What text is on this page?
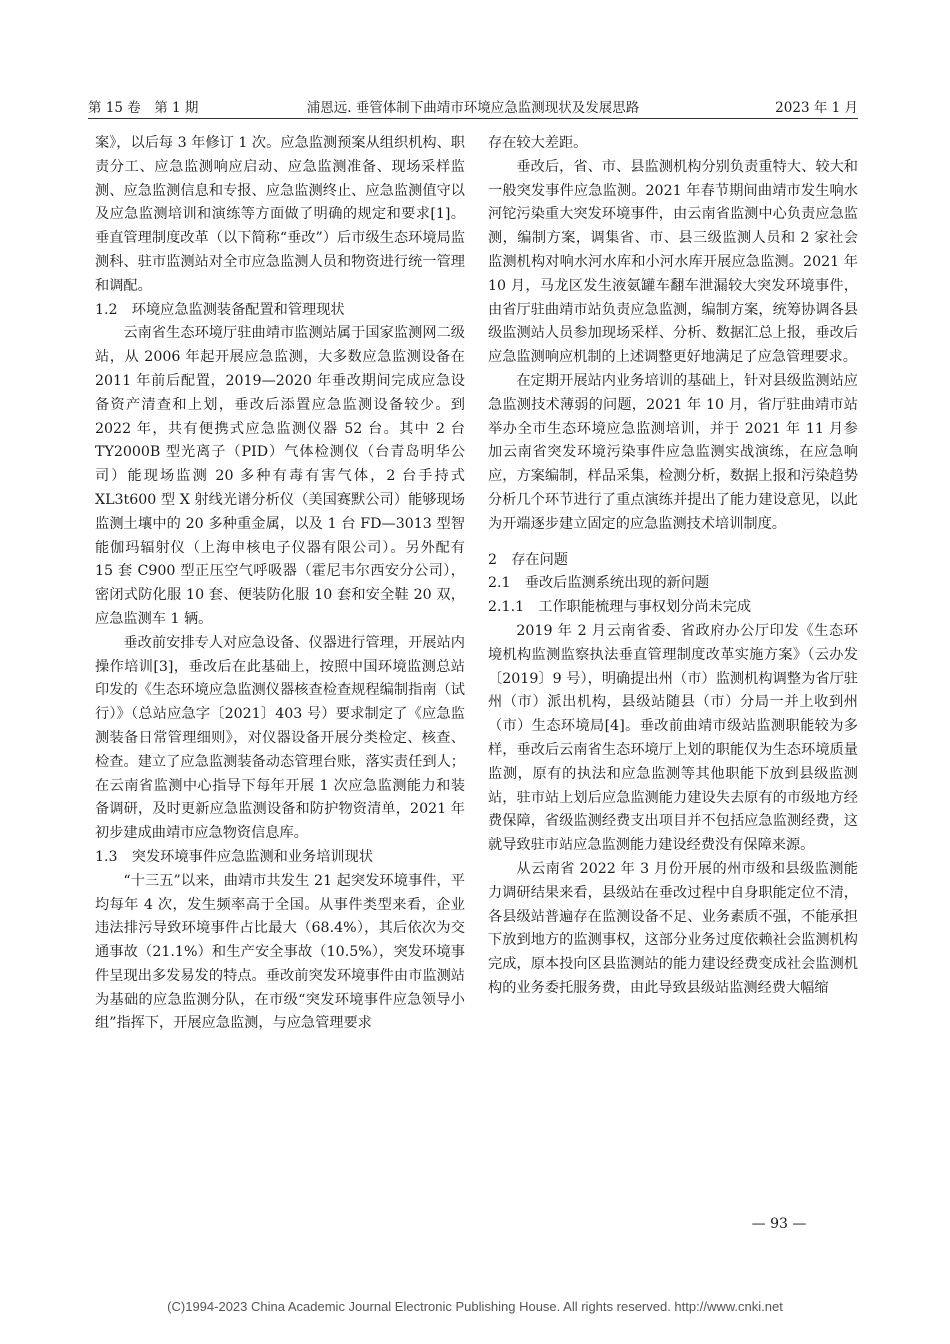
第 15 卷　第 1 期	浦恩远. 垂管体制下曲靖市环境应急监测现状及发展思路	2023 年 1 月

案》，以后每 3 年修订 1 次。应急监测预案从组织机构、职责分工、应急监测响应启动、应急监测准备、现场采样监测、应急监测信息和专报、应急监测终止、应急监测值守以及应急监测培训和演练等方面做了明确的规定和要求[1]。垂直管理制度改革（以下简称“垂改”）后市级生态环境局监测科、驻市监测站对全市应急监测人员和物资进行统一管理和调配。

1.2　环境应急监测装备配置和管理现状

云南省生态环境厅驻曲靖市监测站属于国家监测网二级站，从 2006 年起开展应急监测，大多数应急监测设备在 2011 年前后配置，2019—2020 年垂改期间完成应急设备资产清查和上划，垂改后添置应急监测设备较少。到 2022 年，共有便携式应急监测仪器 52 台。其中 2 台 TY2000B 型光离子（PID）气体检测仪（台青岛明华公司）能现场监测 20 多种有毒有害气体，2 台手持式 XL3t600 型 X 射线光谱分析仪（美国赛默公司）能够现场监测土壤中的 20 多种重金属，以及 1 台 FD—3013 型智能伽玛辐射仪（上海申核电子仪器有限公司）。另外配有 15 套 C900 型正压空气呼吸器（霍尼韦尔西安分公司），密闭式防化服 10 套、便装防化服 10 套和安全鞋 20 双，应急监测车 1 辆。

垂改前安排专人对应急设备、仪器进行管理，开展站内操作培训[3]，垂改后在此基础上，按照中国环境监测总站印发的《生态环境应急监测仪器核查检查规程编制指南（试行）》（总站应急字〔2021〕403 号）要求制定了《应急监测装备日常管理细则》，对仪器设备开展分类检定、核查、检查。建立了应急监测装备动态管理台账，落实责任到人；在云南省监测中心指导下每年开展 1 次应急监测能力和装备调研，及时更新应急监测设备和防护物资清单，2021 年初步建成曲靖市应急物资信息库。

1.3　突发环境事件应急监测和业务培训现状

“十三五”以来，曲靖市共发生 21 起突发环境事件，平均每年 4 次，发生频率高于全国。从事件类型来看，企业违法排污导致环境事件占比最大（68.4%），其后依次为交通事故（21.1%）和生产安全事故（10.5%），突发环境事件呈现出多发易发的特点。垂改前突发环境事件由市监测站为基础的应急监测分队，在市级“突发环境事件应急领导小组”指挥下，开展应急监测，与应急管理要求

存在较大差距。

垂改后，省、市、县监测机构分别负责重特大、较大和一般突发事件应急监测。2021 年春节期间曲靖市发生响水河铊污染重大突发环境事件，由云南省监测中心负责应急监测，编制方案，调集省、市、县三级监测人员和 2 家社会监测机构对响水河水库和小河水库开展应急监测。2021 年 10 月，马龙区发生液氨罐车翻车泄漏较大突发环境事件，由省厅驻曲靖市站负责应急监测，编制方案，统筹协调各县级监测站人员参加现场采样、分析、数据汇总上报，垂改后应急监测响应机制的上述调整更好地满足了应急管理要求。

在定期开展站内业务培训的基础上，针对县级监测站应急监测技术薄弱的问题，2021 年 10 月，省厅驻曲靖市站举办全市生态环境应急监测培训，并于 2021 年 11 月参加云南省突发环境污染事件应急监测实战演练，在应急响应，方案编制，样品采集，检测分析，数据上报和污染趋势分析几个环节进行了重点演练并提出了能力建设意见，以此为开端逐步建立固定的应急监测技术培训制度。

2　存在问题
2.1　垂改后监测系统出现的新问题
2.1.1　工作职能梳理与事权划分尚未完成

2019 年 2 月云南省委、省政府办公厅印发《生态环境机构监测监察执法垂直管理制度改革实施方案》（云办发〔2019〕9 号），明确提出州（市）监测机构调整为省厅驻州（市）派出机构，县级站随县（市）分局一并上收到州（市）生态环境局[4]。垂改前曲靖市级站监测职能较为多样，垂改后云南省生态环境厅上划的职能仅为生态环境质量监测，原有的执法和应急监测等其他职能下放到县级监测站，驻市站上划后应急监测能力建设失去原有的市级地方经费保障，省级监测经费支出项目并不包括应急监测经费，这就导致驻市站应急监测能力建设经费没有保障来源。

从云南省 2022 年 3 月份开展的州市级和县级监测能力调研结果来看，县级站在垂改过程中自身职能定位不清，各县级站普遍存在监测设备不足、业务素质不强，不能承担下放到地方的监测事权，这部分业务过度依赖社会监测机构完成，原本投向区县监测站的能力建设经费变成社会监测机构的业务委托服务费，由此导致县级站监测经费大幅缩

— 93 —
(C)1994-2023 China Academic Journal Electronic Publishing House. All rights reserved. http://www.cnki.net
